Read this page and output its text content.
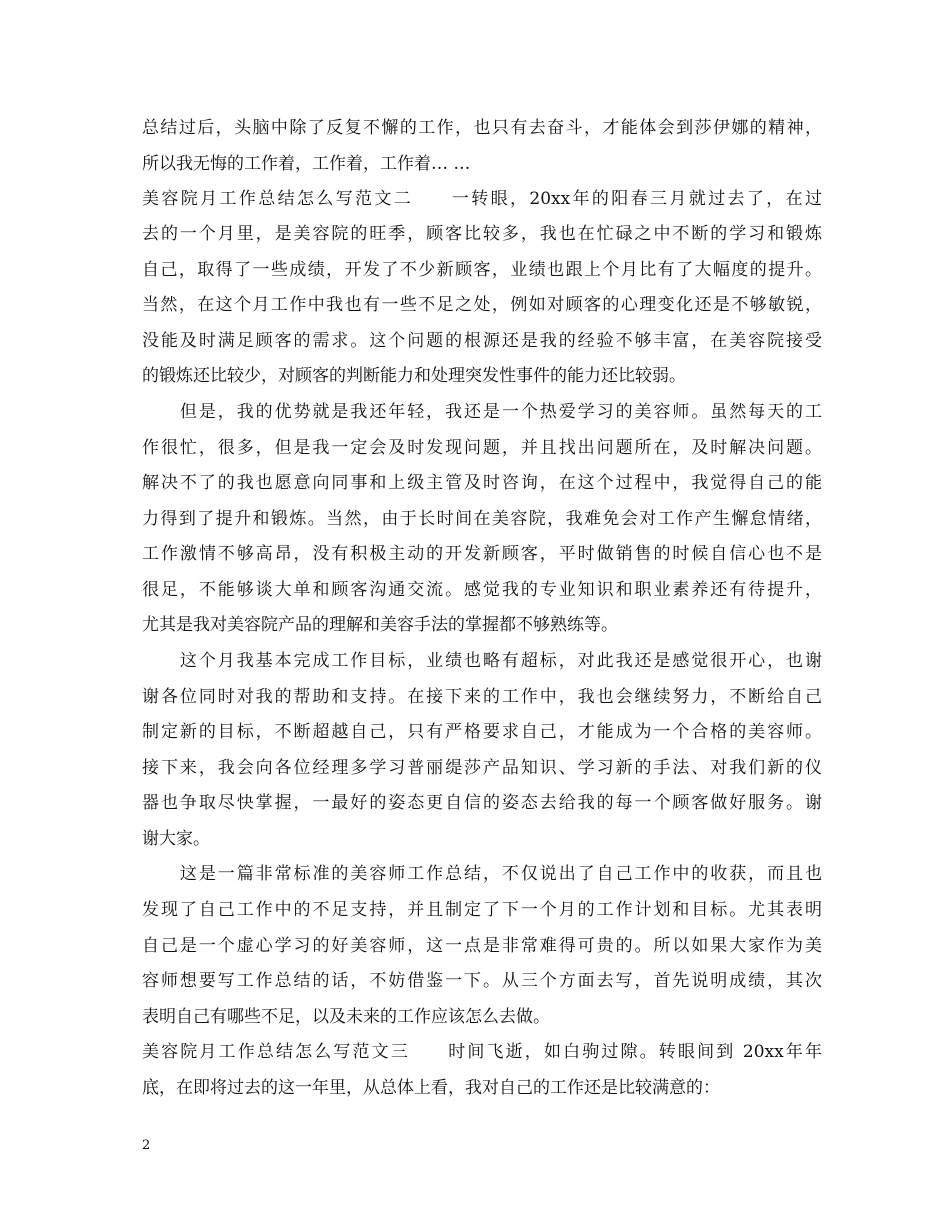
总结过后，头脑中除了反复不懈的工作，也只有去奋斗，才能体会到莎伊娜的精神，
所以我无悔的工作着，工作着，工作着… …
美容院月工作总结怎么写范文二　　一转眼，20xx年的阳春三月就过去了，在过
去的一个月里，是美容院的旺季，顾客比较多，我也在忙碌之中不断的学习和锻炼
自己，取得了一些成绩，开发了不少新顾客，业绩也跟上个月比有了大幅度的提升。
当然，在这个月工作中我也有一些不足之处，例如对顾客的心理变化还是不够敏锐，
没能及时满足顾客的需求。这个问题的根源还是我的经验不够丰富，在美容院接受
的锻炼还比较少，对顾客的判断能力和处理突发性事件的能力还比较弱。
　　但是，我的优势就是我还年轻，我还是一个热爱学习的美容师。虽然每天的工
作很忙，很多，但是我一定会及时发现问题，并且找出问题所在，及时解决问题。
解决不了的我也愿意向同事和上级主管及时咨询，在这个过程中，我觉得自己的能
力得到了提升和锻炼。当然，由于长时间在美容院，我难免会对工作产生懈怠情绪，
工作激情不够高昂，没有积极主动的开发新顾客，平时做销售的时候自信心也不是
很足，不能够谈大单和顾客沟通交流。感觉我的专业知识和职业素养还有待提升，
尤其是我对美容院产品的理解和美容手法的掌握都不够熟练等。
　　这个月我基本完成工作目标，业绩也略有超标，对此我还是感觉很开心，也谢
谢各位同时对我的帮助和支持。在接下来的工作中，我也会继续努力，不断给自己
制定新的目标，不断超越自己，只有严格要求自己，才能成为一个合格的美容师。
接下来，我会向各位经理多学习普丽缇莎产品知识、学习新的手法、对我们新的仪
器也争取尽快掌握，一最好的姿态更自信的姿态去给我的每一个顾客做好服务。谢
谢大家。
　　这是一篇非常标准的美容师工作总结，不仅说出了自己工作中的收获，而且也
发现了自己工作中的不足支持，并且制定了下一个月的工作计划和目标。尤其表明
自己是一个虚心学习的好美容师，这一点是非常难得可贵的。所以如果大家作为美
容师想要写工作总结的话，不妨借鉴一下。从三个方面去写，首先说明成绩，其次
表明自己有哪些不足，以及未来的工作应该怎么去做。
美容院月工作总结怎么写范文三　　时间飞逝，如白驹过隙。转眼间到 20xx年年
底，在即将过去的这一年里，从总体上看，我对自己的工作还是比较满意的：
2
